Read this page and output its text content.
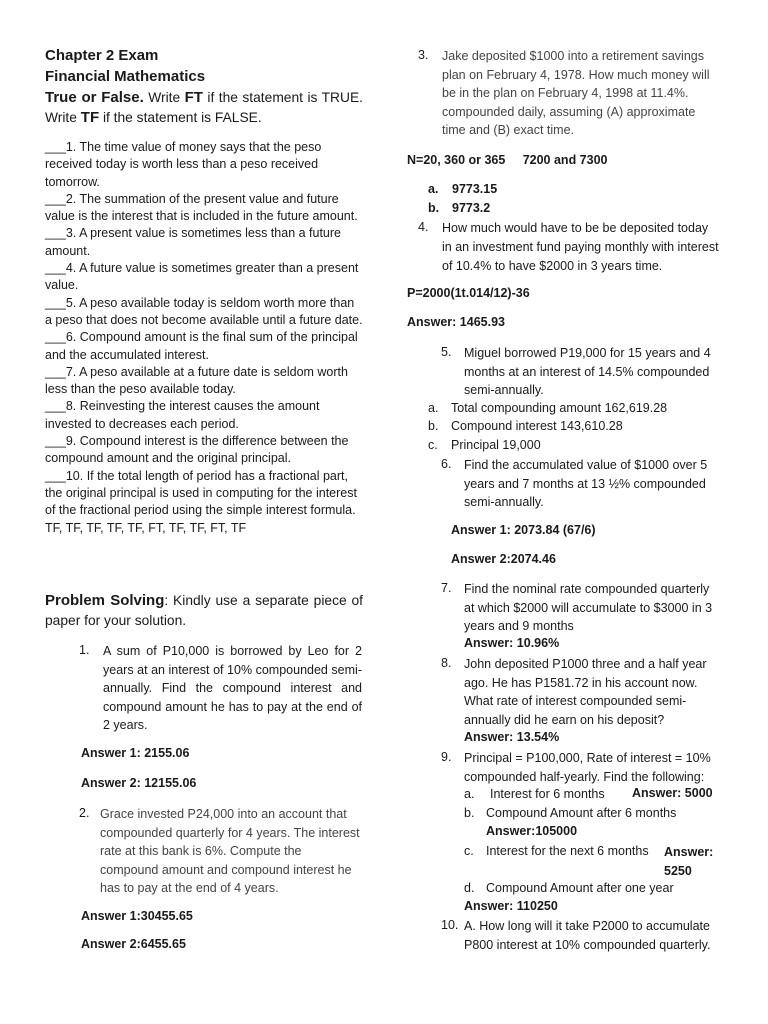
Chapter 2 Exam
Financial Mathematics
True or False. Write FT if the statement is TRUE. Write TF if the statement is FALSE.
___1. The time value of money says that the peso received today is worth less than a peso received tomorrow.
___2. The summation of the present value and future value is the interest that is included in the future amount.
___3. A present value is sometimes less than a future amount.
___4. A future value is sometimes greater than a present value.
___5. A peso available today is seldom worth more than a peso that does not become available until a future date.
___6. Compound amount is the final sum of the principal and the accumulated interest.
___7. A peso available at a future date is seldom worth less than the peso available today.
___8. Reinvesting the interest causes the amount invested to decreases each period.
___9. Compound interest is the difference between the compound amount and the original principal.
___10. If the total length of period has a fractional part, the original principal is used in computing for the interest of the fractional period using the simple interest formula.
TF, TF, TF, TF, TF, FT, TF, TF, FT, TF
Problem Solving: Kindly use a separate piece of paper for your solution.
1. A sum of P10,000 is borrowed by Leo for 2 years at an interest of 10% compounded semi-annually. Find the compound interest and compound amount he has to pay at the end of 2 years.
Answer 1: 2155.06
Answer 2: 12155.06
2. Grace invested P24,000 into an account that compounded quarterly for 4 years. The interest rate at this bank is 6%. Compute the compound amount and compound interest he has to pay at the end of 4 years.
Answer 1:30455.65
Answer 2:6455.65
3. Jake deposited $1000 into a retirement savings plan on February 4, 1978. How much money will be in the plan on February 4, 1998 at 11.4%. compounded daily, assuming (A) approximate time and (B) exact time.
N=20, 360 or 365     7200 and 7300
a. 9773.15
b. 9773.2
4. How much would have to be be deposited today in an investment fund paying monthly with interest of 10.4% to have $2000 in 3 years time.
P=2000(1t.014/12)-36
Answer: 1465.93
5. Miguel borrowed P19,000 for 15 years and 4 months at an interest of 14.5% compounded semi-annually.
a. Total compounding amount 162,619.28
b. Compound interest 143,610.28
c. Principal 19,000
6. Find the accumulated value of $1000 over 5 years and 7 months at 13 ½% compounded semi-annually.
Answer 1: 2073.84 (67/6)
Answer 2:2074.46
7. Find the nominal rate compounded quarterly at which $2000 will accumulate to $3000 in 3 years and 9 months
Answer: 10.96%
8. John deposited P1000 three and a half year ago. He has P1581.72 in his account now. What rate of interest compounded semi-annually did he earn on his deposit?
Answer: 13.54%
9. Principal = P100,000, Rate of interest = 10% compounded half-yearly. Find the following:
a. Interest for 6 months Answer: 5000
b. Compound Amount after 6 months
Answer:105000
c. Interest for the next 6 months Answer: 5250
d. Compound Amount after one year
Answer: 110250
10. A. How long will it take P2000 to accumulate P800 interest at 10% compounded quarterly.
